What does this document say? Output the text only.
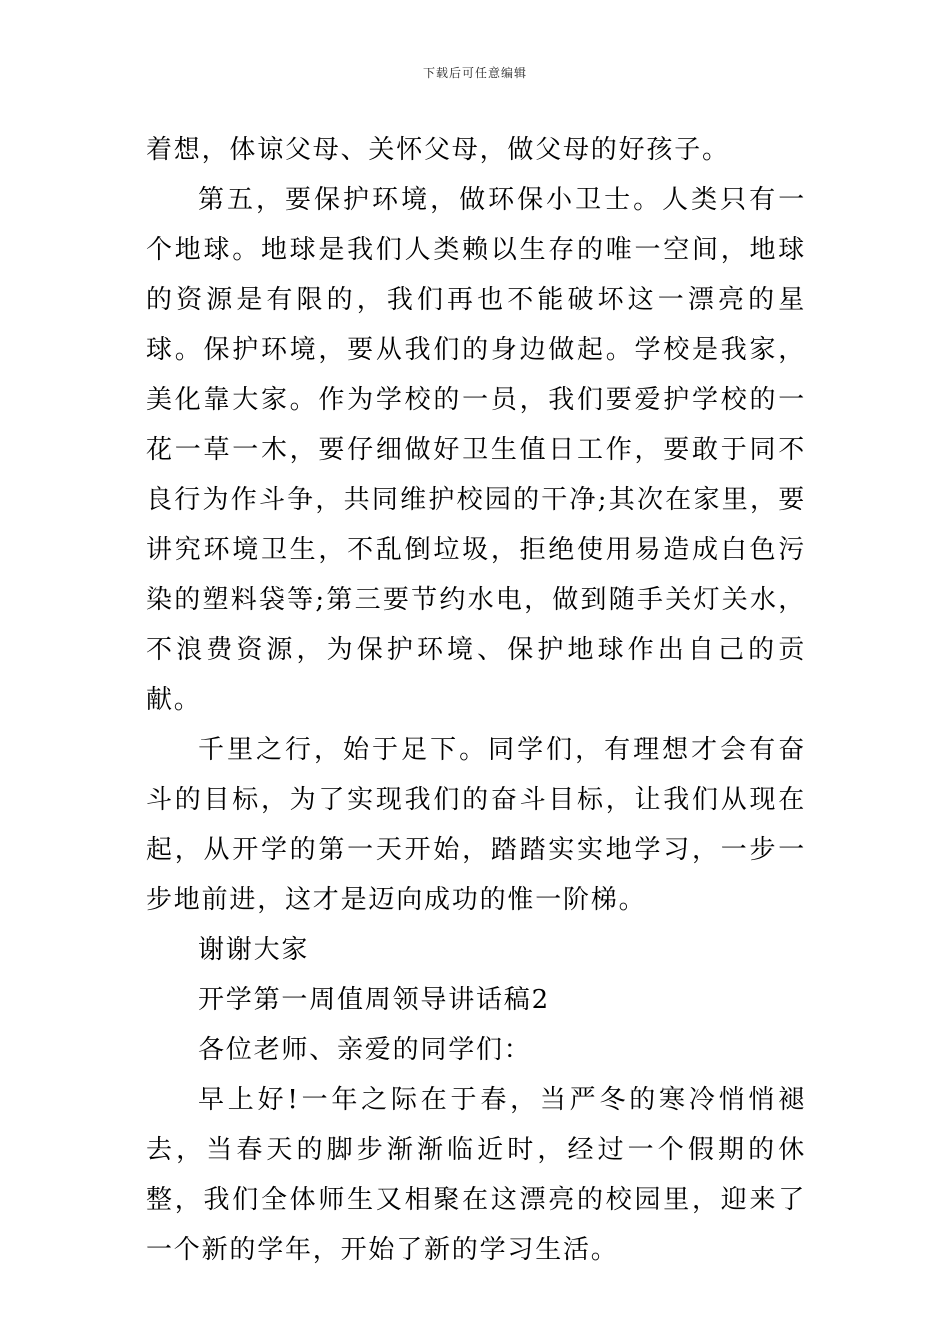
下载后可任意编辑

着想，体谅父母、关怀父母，做父母的好孩子。

第五，要保护环境，做环保小卫士。人类只有一个地球。地球是我们人类赖以生存的唯一空间，地球的资源是有限的，我们再也不能破坏这一漂亮的星球。保护环境，要从我们的身边做起。学校是我家，美化靠大家。作为学校的一员，我们要爱护学校的一花一草一木，要仔细做好卫生值日工作，要敢于同不良行为作斗争，共同维护校园的干净;其次在家里，要讲究环境卫生，不乱倒垃圾，拒绝使用易造成白色污染的塑料袋等;第三要节约水电，做到随手关灯关水，不浪费资源，为保护环境、保护地球作出自己的贡献。

千里之行，始于足下。同学们，有理想才会有奋斗的目标，为了实现我们的奋斗目标，让我们从现在起，从开学的第一天开始，踏踏实实地学习，一步一步地前进，这才是迈向成功的惟一阶梯。

谢谢大家

开学第一周值周领导讲话稿2

各位老师、亲爱的同学们：

早上好!一年之际在于春，当严冬的寒冷悄悄褪去，当春天的脚步渐渐临近时，经过一个假期的休整，我们全体师生又相聚在这漂亮的校园里，迎来了一个新的学年，开始了新的学习生活。
